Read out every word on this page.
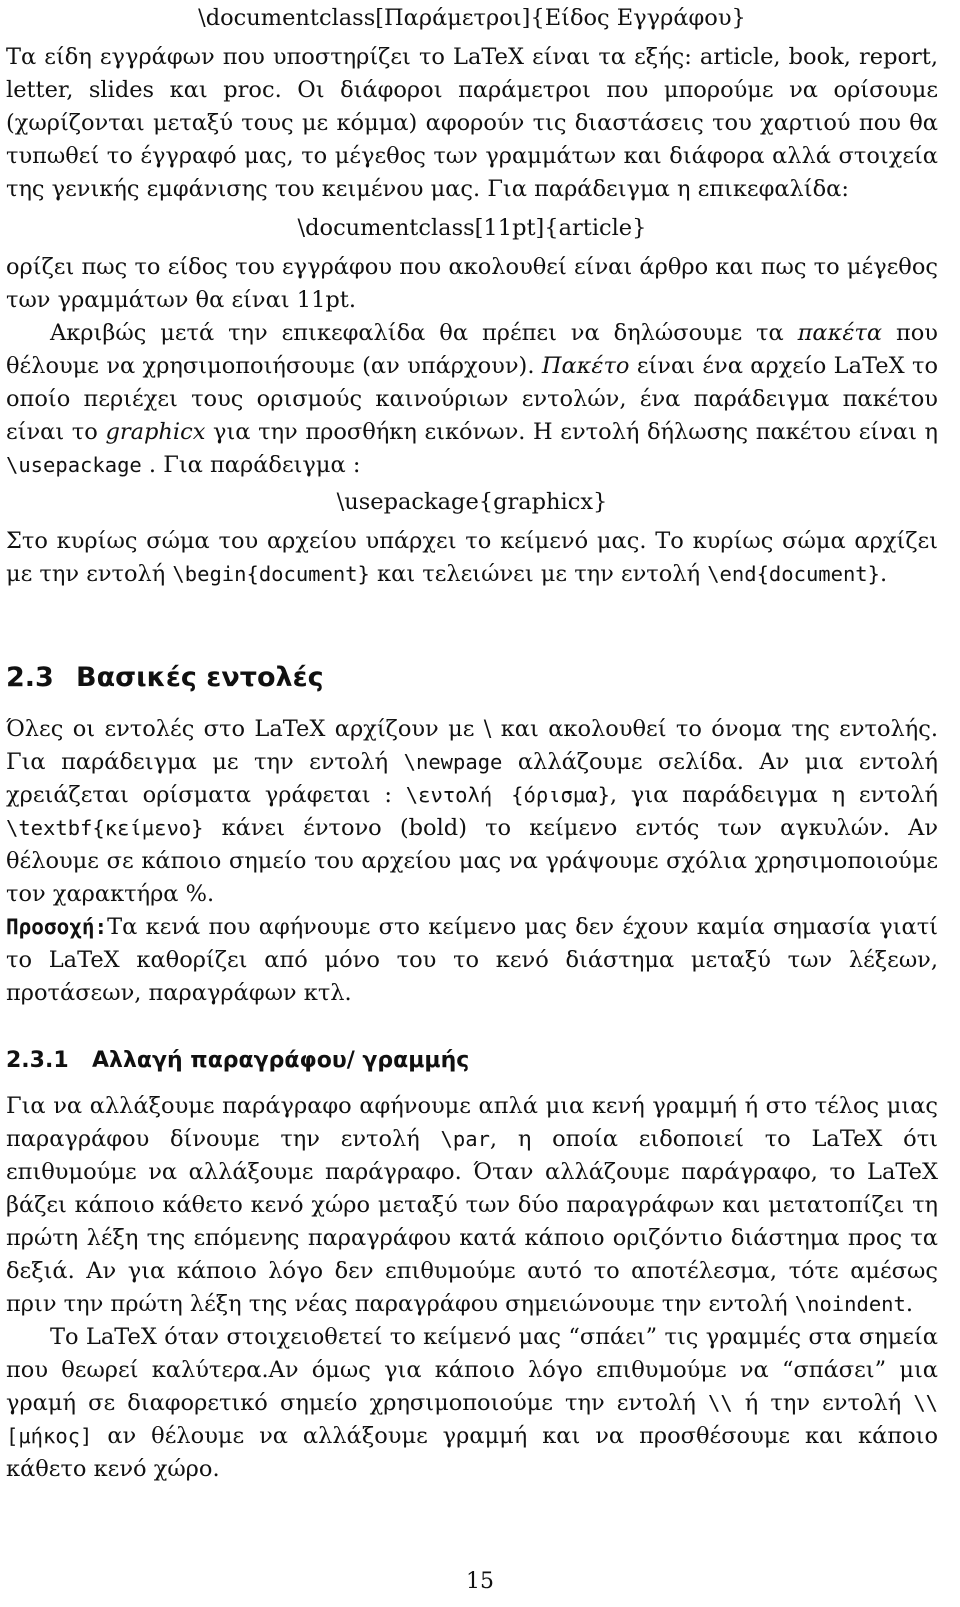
\documentclass[Παράμετροι]{Είδος Εγγράφου}

Τα είδη εγγράφων που υποστηρίζει το LaTeX είναι τα εξής: article, book, report, letter, slides και proc. Οι διάφοροι παράμετροι που μπορούμε να ορίσουμε (χωρίζονται μεταξύ τους με κόμμα) αφορούν τις διαστάσεις του χαρτιού που θα τυπωθεί το έγγραφό μας, το μέγεθος των γραμμάτων και διάφορα αλλά στοιχεία της γενικής εμφάνισης του κειμένου μας. Για παράδειγμα η επικεφαλίδα:

\documentclass[11pt]{article}

ορίζει πως το είδος του εγγράφου που ακολουθεί είναι άρθρο και πως το μέγεθος των γραμμάτων θα είναι 11pt.

Ακριβώς μετά την επικεφαλίδα θα πρέπει να δηλώσουμε τα πακέτα που θέλουμε να χρησιμοποιήσουμε (αν υπάρχουν). Πακέτο είναι ένα αρχείο LaTeX το οποίο περιέχει τους ορισμούς καινούριων εντολών, ένα παράδειγμα πακέτου είναι το graphicx για την προσθήκη εικόνων. Η εντολή δήλωσης πακέτου είναι η \usepackage . Για παράδειγμα :

\usepackage{graphicx}

Στο κυρίως σώμα του αρχείου υπάρχει το κείμενό μας. Το κυρίως σώμα αρχίζει με την εντολή \begin{document} και τελειώνει με την εντολή \end{document}.

2.3 Βασικές εντολές

Όλες οι εντολές στο LaTeX αρχίζουν με \ και ακολουθεί το όνομα της εντολής. Για παράδειγμα με την εντολή \newpage αλλάζουμε σελίδα. Αν μια εντολή χρειάζεται ορίσματα γράφεται : \εντολή {όρισμα}, για παράδειγμα η εντολή \textbf{κείμενο} κάνει έντονο (bold) το κείμενο εντός των αγκυλών. Αν θέλουμε σε κάποιο σημείο του αρχείου μας να γράψουμε σχόλια χρησιμοποιούμε τον χαρακτήρα %.

Προσοχή:Τα κενά που αφήνουμε στο κείμενο μας δεν έχουν καμία σημασία γιατί το LaTeX καθορίζει από μόνο του το κενό διάστημα μεταξύ των λέξεων, προτάσεων, παραγράφων κτλ.

2.3.1 Αλλαγή παραγράφου/ γραμμής

Για να αλλάξουμε παράγραφο αφήνουμε απλά μια κενή γραμμή ή στο τέλος μιας παραγράφου δίνουμε την εντολή \par, η οποία ειδοποιεί το LaTeX ότι επιθυμούμε να αλλάξουμε παράγραφο. Όταν αλλάζουμε παράγραφο, το LaTeX βάζει κάποιο κάθετο κενό χώρο μεταξύ των δύο παραγράφων και μετατοπίζει τη πρώτη λέξη της επόμενης παραγράφου κατά κάποιο οριζόντιο διάστημα προς τα δεξιά. Αν για κάποιο λόγο δεν επιθυμούμε αυτό το αποτέλεσμα, τότε αμέσως πριν την πρώτη λέξη της νέας παραγράφου σημειώνουμε την εντολή \noindent.

Το LaTeX όταν στοιχειοθετεί το κείμενό μας “σπάει” τις γραμμές στα σημεία που θεωρεί καλύτερα.Αν όμως για κάποιο λόγο επιθυμούμε να “σπάσει” μια γραμή σε διαφορετικό σημείο χρησιμοποιούμε την εντολή \\ ή την εντολή \\[μήκος] αν θέλουμε να αλλάξουμε γραμμή και να προσθέσουμε και κάποιο κάθετο κενό χώρο.

15
